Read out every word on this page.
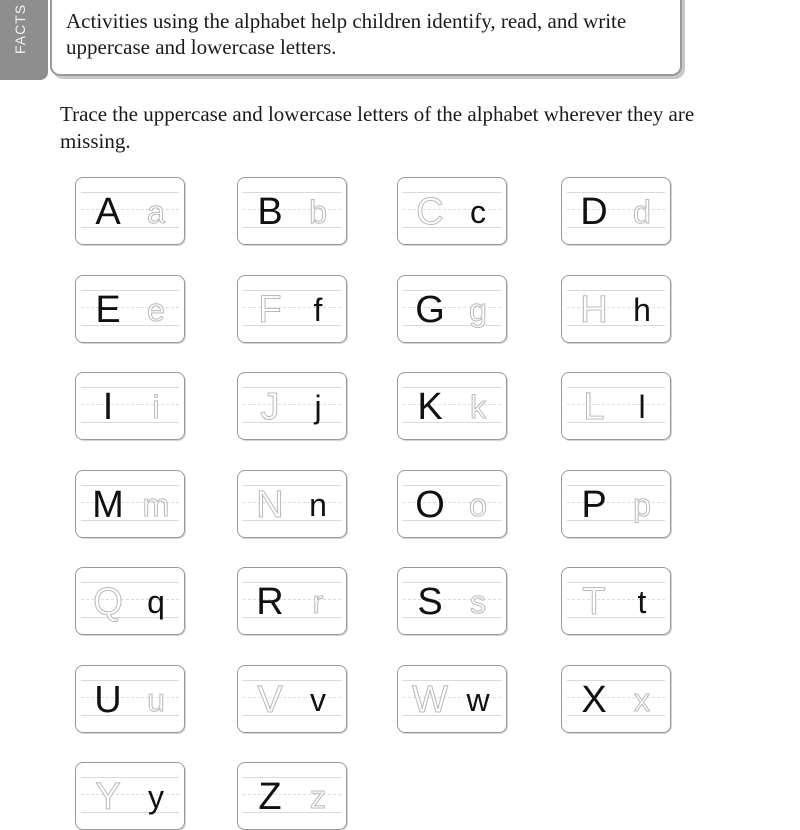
FACTS Activities using the alphabet help children identify, read, and write uppercase and lowercase letters.
Trace the uppercase and lowercase letters of the alphabet wherever they are missing.
A a B b C c	D d
E e F f	G g H h
I	i	J	j	K k	L	l
M m N n O o P p
Q q R r	S s	T t
U u V v	W w X x
Y y	Z z
